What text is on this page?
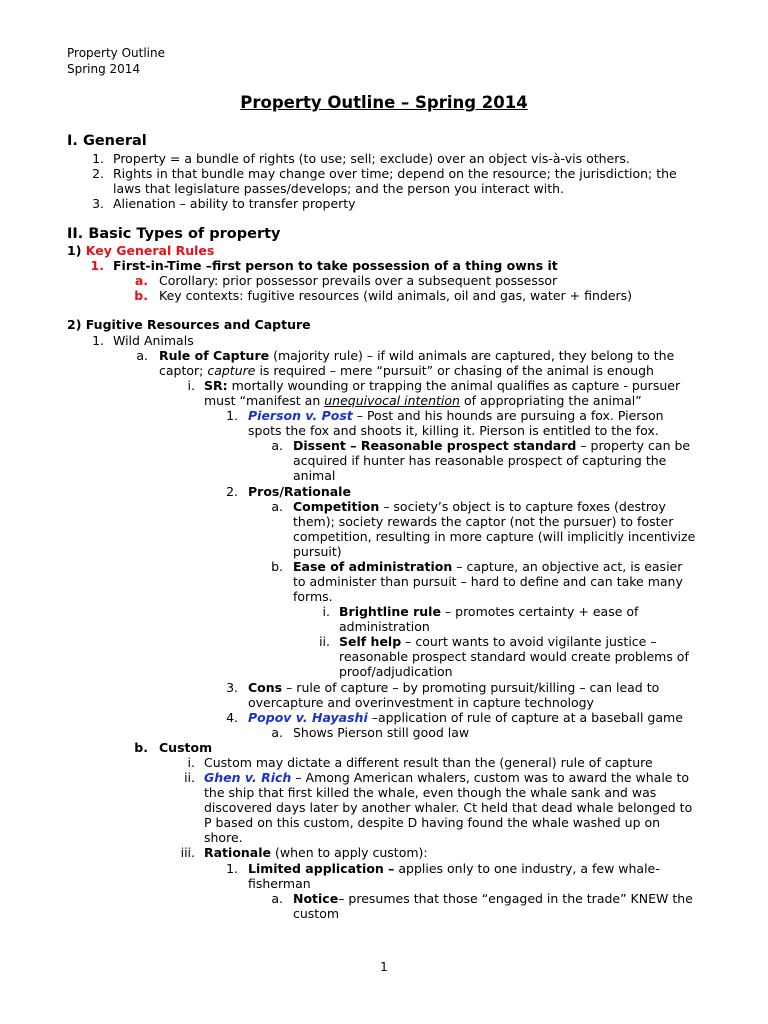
Property Outline
Spring 2014
Property Outline – Spring 2014
I. General
1. Property = a bundle of rights (to use; sell; exclude) over an object vis-à-vis others.
2. Rights in that bundle may change over time; depend on the resource; the jurisdiction; the
laws that legislature passes/develops; and the person you interact with.
3. Alienation – ability to transfer property
II. Basic Types of property
1) Key General Rules
1. First-in-Time –first person to take possession of a thing owns it
a. Corollary: prior possessor prevails over a subsequent possessor
b. Key contexts: fugitive resources (wild animals, oil and gas, water + finders)
2) Fugitive Resources and Capture
1. Wild Animals
a. Rule of Capture (majority rule) – if wild animals are captured, they belong to the
captor; capture is required – mere “pursuit” or chasing of the animal is enough
i. SR: mortally wounding or trapping the animal qualifies as capture - pursuer
must “manifest an unequivocal intention of appropriating the animal”
1. Pierson v. Post – Post and his hounds are pursuing a fox. Pierson
spots the fox and shoots it, killing it. Pierson is entitled to the fox.
a. Dissent – Reasonable prospect standard – property can be
acquired if hunter has reasonable prospect of capturing the
animal
2. Pros/Rationale
a. Competition – society’s object is to capture foxes (destroy
them); society rewards the captor (not the pursuer) to foster
competition, resulting in more capture (will implicitly incentivize
pursuit)
b. Ease of administration – capture, an objective act, is easier
to administer than pursuit – hard to define and can take many
forms.
i. Brightline rule – promotes certainty + ease of
administration
ii. Self help – court wants to avoid vigilante justice –
reasonable prospect standard would create problems of
proof/adjudication
3. Cons – rule of capture – by promoting pursuit/killing – can lead to
overcapture and overinvestment in capture technology
4. Popov v. Hayashi –application of rule of capture at a baseball game
a. Shows Pierson still good law
b. Custom
i. Custom may dictate a different result than the (general) rule of capture
ii. Ghen v. Rich – Among American whalers, custom was to award the whale to
the ship that first killed the whale, even though the whale sank and was
discovered days later by another whaler. Ct held that dead whale belonged to
P based on this custom, despite D having found the whale washed up on
shore.
iii. Rationale (when to apply custom):
1. Limited application – applies only to one industry, a few whale-
fisherman
a. Notice– presumes that those “engaged in the trade” KNEW the
custom
1
